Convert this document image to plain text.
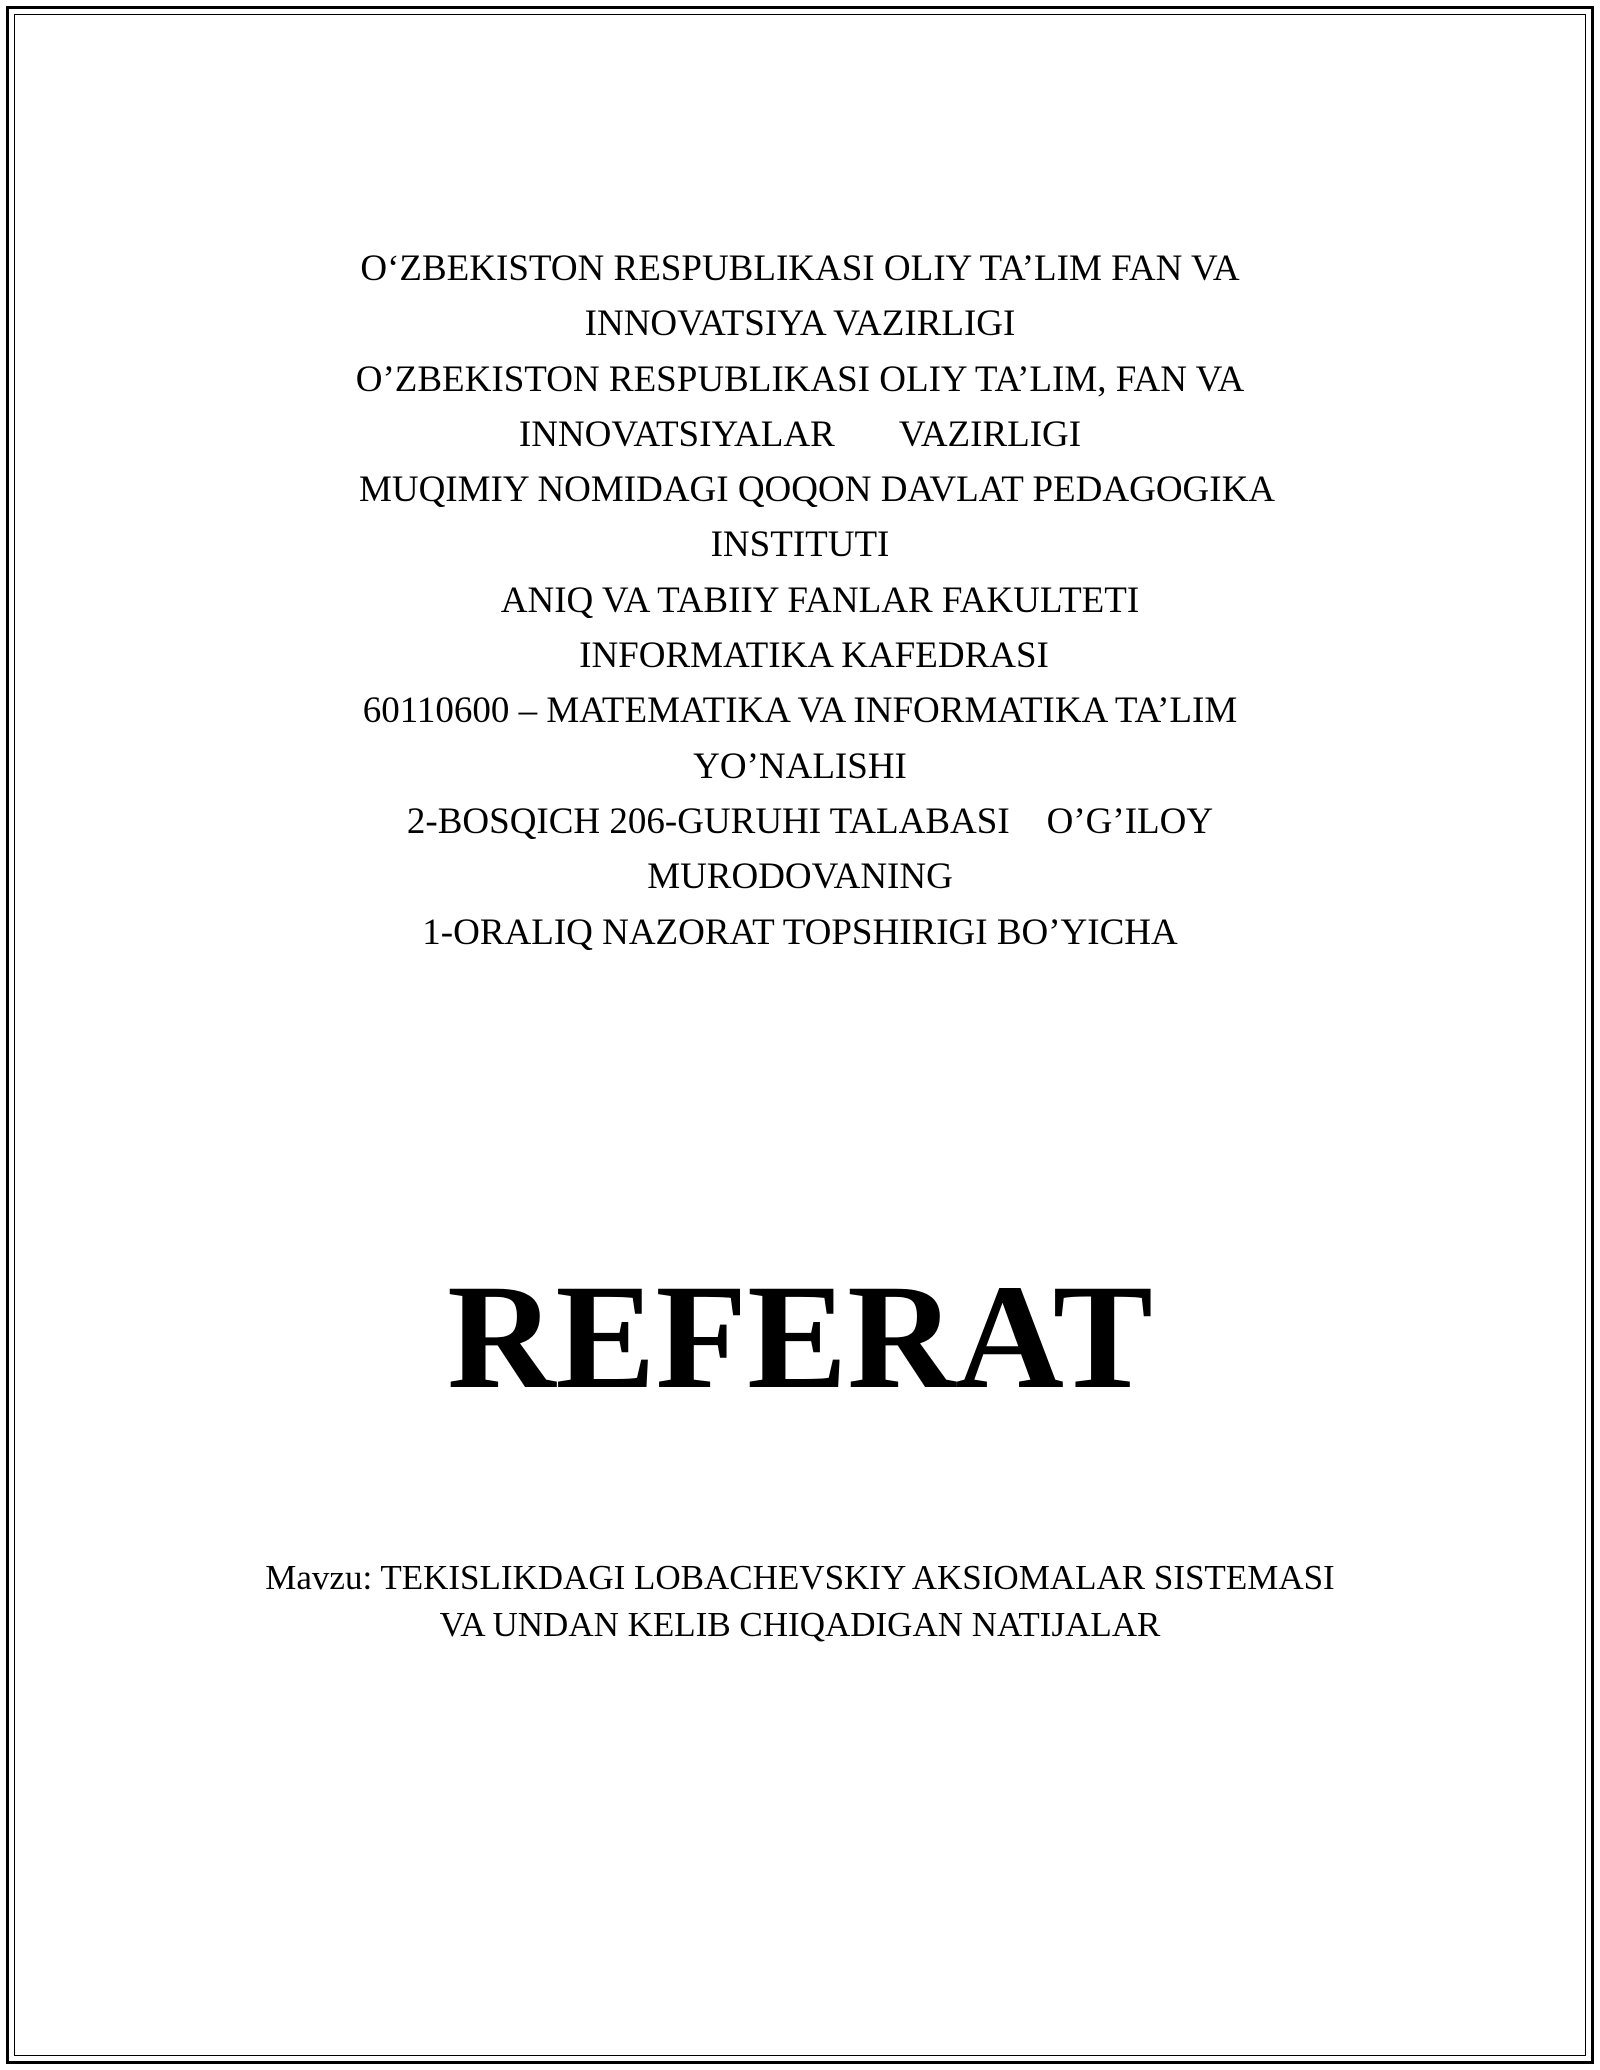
O‘ZBEKISTON RESPUBLIKASI OLIY TA’LIM FAN VA
INNOVATSIYA VAZIRLIGI
O’ZBEKISTON RESPUBLIKASI OLIY TA’LIM, FAN VA
INNOVATSIYALAR       VAZIRLIGI
MUQIMIY NOMIDAGI QOQON DAVLAT PEDAGOGIKA
INSTITUTI
ANIQ VA TABIIY FANLAR FAKULTETI
INFORMATIKA KAFEDRASI
60110600 – MATEMATIKA VA INFORMATIKA TA’LIM
YO’NALISHI
2-BOSQICH 206-GURUHI TALABASI    O’G’ILOY
MURODOVANING
1-ORALIQ NAZORAT TOPSHIRIGI BO’YICHA
REFERAT
Mavzu: TEKISLIKDAGI LOBACHEVSKIY AKSIOMALAR SISTEMASI
VA UNDAN KELIB CHIQADIGAN NATIJALAR
